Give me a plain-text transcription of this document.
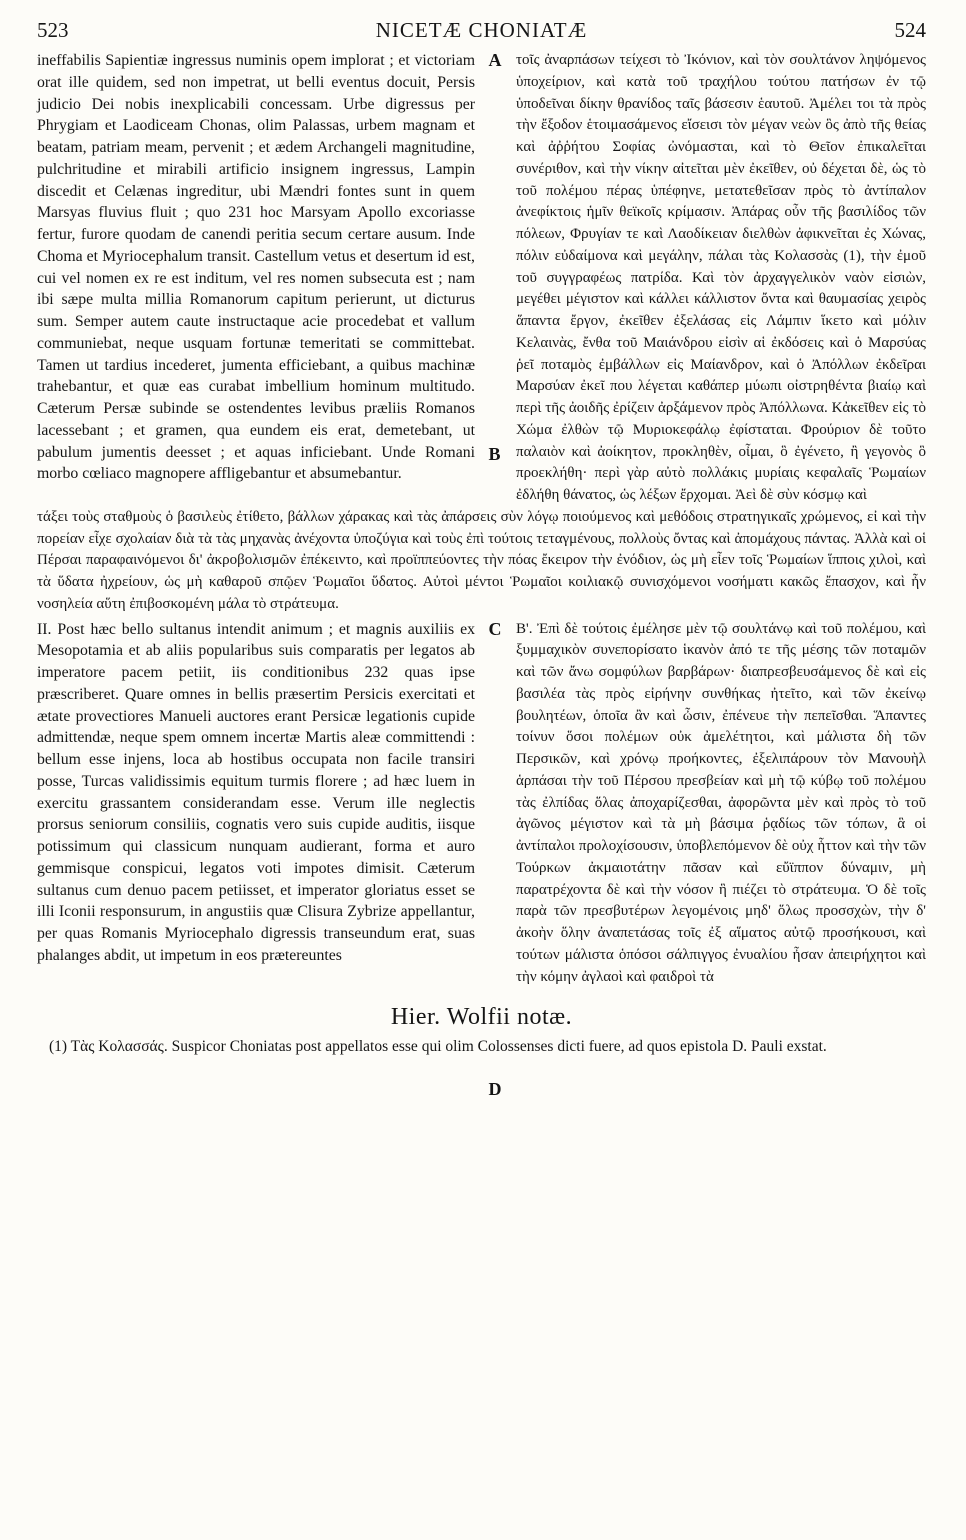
523	NICETÆ CHONIATÆ	524

ineffabilis Sapientiæ ingressus numinis opem implorat ; et victoriam orat ille quidem, sed non impetrat, ut belli eventus docuit, Persis judicio Dei nobis inexplicabili concessam. Urbe digressus per Phrygiam et Laodiceam Chonas, olim Palassas, urbem magnam et beatam, patriam meam, pervenit ; et ædem Archangeli magnitudine, pulchritudine et mirabili artificio insignem ingressus, Lampin discedit et Celænas ingreditur, ubi Mændri fontes sunt in quem Marsyas fluvius fluit ; quo 231 hoc Marsyam Apollo excoriasse fertur, furore quodam de canendi peritia secum certare ausum. Inde Choma et Myriocephalum transit. Castellum vetus et desertum id est, cui vel nomen ex re est inditum, vel res nomen subsecuta est ; nam ibi sæpe multa millia Romanorum capitum perierunt, ut dicturus sum. Semper autem caute instructaque acie procedebat et vallum communiebat, neque usquam fortunæ temeritati se committebat. Tamen ut tardius incederet, jumenta efficiebant, a quibus machinæ trahebantur, et quæ eas curabat imbellium hominum multitudo. Cæterum Persæ subinde se ostendentes levibus præliis Romanos lacessebant ; et gramen, qua eundem eis erat, demetebant, ut pabulum jumentis deesset ; et aquas inficiebant. Unde Romani morbo cœliaco magnopere affligebantur et absumebantur.

A
B

τοῖς ἀναρπάσων τείχεσι τὸ Ἰκόνιον, καὶ τὸν σουλτάνον ληψόμενος ὑποχείριον, καὶ κατὰ τοῦ τραχήλου τούτου πατήσων ἐν τῷ ὑποδεῖναι δίκην θρανίδος ταῖς βάσεσιν ἑαυτοῦ. Ἀμέλει τοι τὰ πρὸς τὴν ἔξοδον ἑτοιμασάμενος εἴσεισι τὸν μέγαν νεὼν ὃς ἀπὸ τῆς θείας καὶ ἀῤῥήτου Σοφίας ὠνόμασται, καὶ τὸ Θεῖον ἐπικαλεῖται συνέριθον, καὶ τὴν νίκην αἰτεῖται μὲν ἐκεῖθεν, οὐ δέχεται δὲ, ὡς τὸ τοῦ πολέμου πέρας ὑπέφηνε, μετατεθεῖσαν πρὸς τὸ ἀντίπαλον ἀνεφίκτοις ἡμῖν θεϊκοῖς κρίμασιν. Ἀπάρας οὖν τῆς βασιλίδος τῶν πόλεων, Φρυγίαν τε καὶ Λαοδίκειαν διελθὼν ἀφικνεῖται ἐς Χώνας, πόλιν εὐδαίμονα καὶ μεγάλην, πάλαι τὰς Κολασσὰς (1), τὴν ἐμοῦ τοῦ συγγραφέως πατρίδα. Καὶ τὸν ἀρχαγγελικὸν ναὸν εἰσιὼν, μεγέθει μέγιστον καὶ κάλλει κάλλιστον ὄντα καὶ θαυμασίας χειρὸς ἅπαντα ἔργον, ἐκεῖθεν ἐξελάσας εἰς Λάμπιν ἵκετο καὶ μόλιν Κελαινὰς, ἔνθα τοῦ Μαιάνδρου εἰσὶν αἱ ἐκδόσεις καὶ ὁ Μαρσύας ῥεῖ ποταμὸς ἐμβάλλων εἰς Μαίανδρον, καὶ ὁ Ἀπόλλων ἐκδεῖραι Μαρσύαν ἐκεῖ που λέγεται καθάπερ μύωπι οἰστρηθέντα βιαίῳ καὶ περὶ τῆς ἀοιδῆς ἐρίζειν ἀρξάμενον πρὸς Ἀπόλλωνα. Κἀκεῖθεν εἰς τὸ Χώμα ἐλθὼν τῷ Μυριοκεφάλῳ ἐφίσταται. Φρούριον δὲ τοῦτο παλαιὸν καὶ ἀοίκητον, προκληθὲν, οἶμαι, ὃ ἐγένετο, ἢ γεγονὸς ὃ προεκλήθη· περὶ γὰρ αὐτὸ πολλάκις μυρίαις κεφαλαῖς Ῥωμαίων ἐδλήθη θάνατος, ὡς λέξων ἔρχομαι. Ἀεὶ δὲ σὺν κόσμῳ καὶ

τάξει τοὺς σταθμοὺς ὁ βασιλεὺς ἐτίθετο, βάλλων χάρακας καὶ τὰς ἀπάρσεις σὺν λόγῳ ποιούμενος καὶ μεθόδοις στρατηγικαῖς χρώμενος, εἰ καὶ τὴν πορείαν εἶχε σχολαίαν διὰ τὰ τὰς μηχανὰς ἀνέχοντα ὑποζύγια καὶ τοὺς ἐπὶ τούτοις τεταγμένους, πολλοὺς ὄντας καὶ ἀπομάχους πάντας. Ἀλλὰ καὶ οἱ Πέρσαι παραφαινόμενοι δι' ἀκροβολισμῶν ἐπέκειντο, καὶ προϊππεύοντες τὴν πόας ἔκειρον τὴν ἐνόδιον, ὡς μὴ εἶεν τοῖς Ῥωμαίων ἵπποις χιλοὶ, καὶ τὰ ὕδατα ἠχρείουν, ὡς μὴ καθαροῦ σπῷεν Ῥωμαῖοι ὕδατος. Αὐτοὶ μέντοι Ῥωμαῖοι κοιλιακῷ συνισχόμενοι νοσήματι κακῶς ἔπασχον, καὶ ἦν νοσηλεία αὕτη ἐπιβοσκομένη μάλα τὸ στράτευμα.

II. Post hæc bello sultanus intendit animum ; et magnis auxiliis ex Mesopotamia et ab aliis popularibus suis comparatis per legatos ab imperatore pacem petiit, iis conditionibus 232 quas ipse præscriberet. Quare omnes in bellis præsertim Persicis exercitati et ætate provectiores Manueli auctores erant Persicæ legationis cupide admittendæ, neque spem omnem incertæ Martis aleæ committendi : bellum esse injens, loca ab hostibus occupata non facile transiri posse, Turcas validissimis equitum turmis florere ; ad hæc luem in exercitu grassantem considerandam esse. Verum ille neglectis prorsus seniorum consiliis, cognatis vero suis cupide auditis, iisque potissimum qui classicum nunquam audierant, forma et auro gemmisque conspicui, legatos voti impotes dimisit. Cæterum sultanus cum denuo pacem petiisset, et imperator gloriatus esset se illi Iconii responsurum, in angustiis quæ Clisura Zybrize appellantur, per quas Romanis Myriocephalo digressis transeundum erat, suas phalanges abdit, ut impetum in eos prætereuntes

C
D

Β'. Ἐπὶ δὲ τούτοις ἐμέλησε μὲν τῷ σουλτάνῳ καὶ τοῦ πολέμου, καὶ ξυμμαχικὸν συνεπορίσατο ἱκανὸν ἀπό τε τῆς μέσης τῶν ποταμῶν καὶ τῶν ἄνω σομφύλων βαρβάρων· διαπρεσβευσάμενος δὲ καὶ εἰς βασιλέα τὰς πρὸς εἰρήνην συνθήκας ἠτεῖτο, καὶ τῶν ἐκείνῳ βουλητέων, ὁποῖα ἂν καὶ ὦσιν, ἐπένευε τὴν πεπεῖσθαι. Ἅπαντες τοίνυν ὅσοι πολέμων οὐκ ἀμελέτητοι, καὶ μάλιστα δὴ τῶν Περσικῶν, καὶ χρόνῳ προήκοντες, ἐξελιπάρουν τὸν Μανουὴλ ἁρπάσαι τὴν τοῦ Πέρσου πρεσβείαν καὶ μὴ τῷ κύβῳ τοῦ πολέμου τὰς ἐλπίδας ὅλας ἀποχαρίζεσθαι, ἀφορῶντα μὲν καὶ πρὸς τὸ τοῦ ἀγῶνος μέγιστον καὶ τὰ μὴ βάσιμα ῥᾳδίως τῶν τόπων, ἃ οἱ ἀντίπαλοι προλοχίσουσιν, ὑποβλεπόμενον δὲ οὐχ ἧττον καὶ τὴν τῶν Τούρκων ἀκμαιοτάτην πᾶσαν καὶ εὔϊππον δύναμιν, μὴ παρατρέχοντα δὲ καὶ τὴν νόσον ἣ πιέζει τὸ στράτευμα. Ὁ δὲ τοῖς παρὰ τῶν πρεσβυτέρων λεγομένοις μηδ' ὅλως προσσχὼν, τὴν δ' ἀκοὴν ὅλην ἀναπετάσας τοῖς ἐξ αἵματος αὐτῷ προσήκουσι, καὶ τούτων μάλιστα ὁπόσοι σάλπιγγος ἐνυαλίου ἦσαν ἀπειρήχητοι καὶ τὴν κόμην ἀγλαοὶ καὶ φαιδροὶ τὰ

Hier. Wolfii notæ.

(1) Τὰς Κολασσάς. Suspicor Choniatas post appellatos esse qui olim Colossenses dicti fuere, ad quos epistola D. Pauli exstat.
